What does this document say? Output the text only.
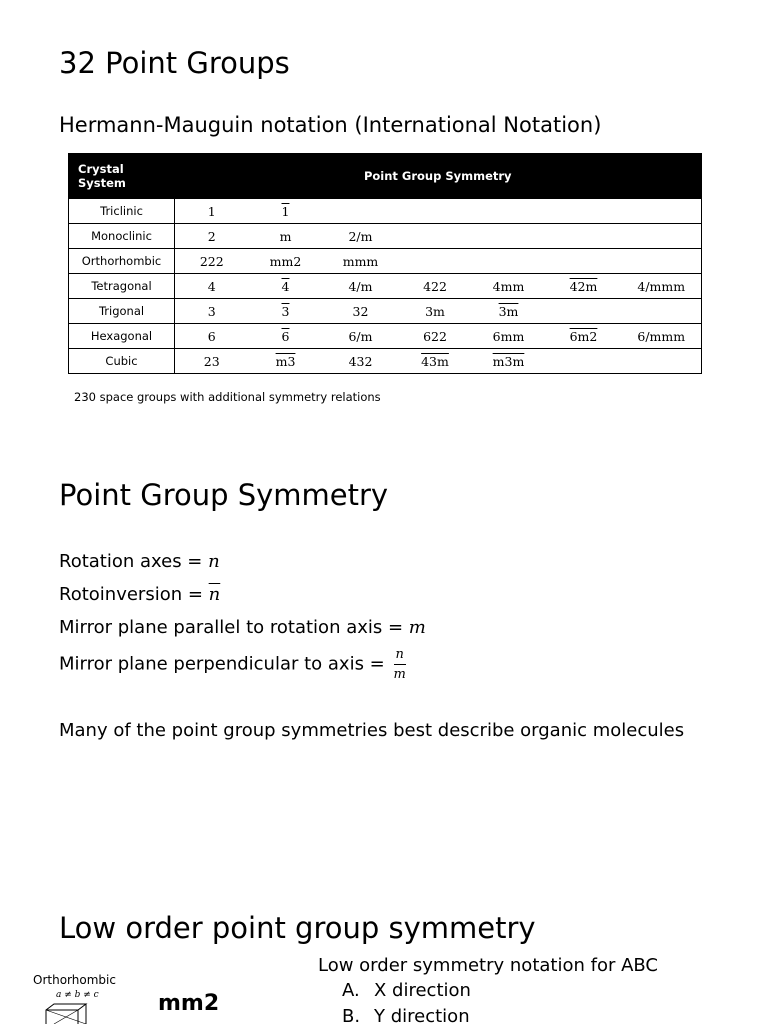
32 Point Groups
Hermann-Mauguin notation (International Notation)
Crystal System	Point Group Symmetry						
Triclinic	1	1					
Monoclinic	2	m	2/m				
Orthorhombic	222	mm2	mmm				
Tetragonal	4	4	4/m	422	4mm	42m	4/mmm
Trigonal	3	3	32	3m	3m		
Hexagonal	6	6	6/m	622	6mm	6m2	6/mmm
Cubic	23	m3	432	43m	m3m		

230 space groups with additional symmetry relations

Point Group Symmetry
Rotation axes = n
Rotoinversion = $\overline{n}$
Mirror plane parallel to rotation axis = m
Mirror plane perpendicular to axis = $\frac{n}{m}$

Many of the point group symmetries best describe organic molecules

Low order point group symmetry
Orthorhombic
a ≠ b ≠ c	mm2
Low order symmetry notation for ABC
A. X direction
B. Y direction
